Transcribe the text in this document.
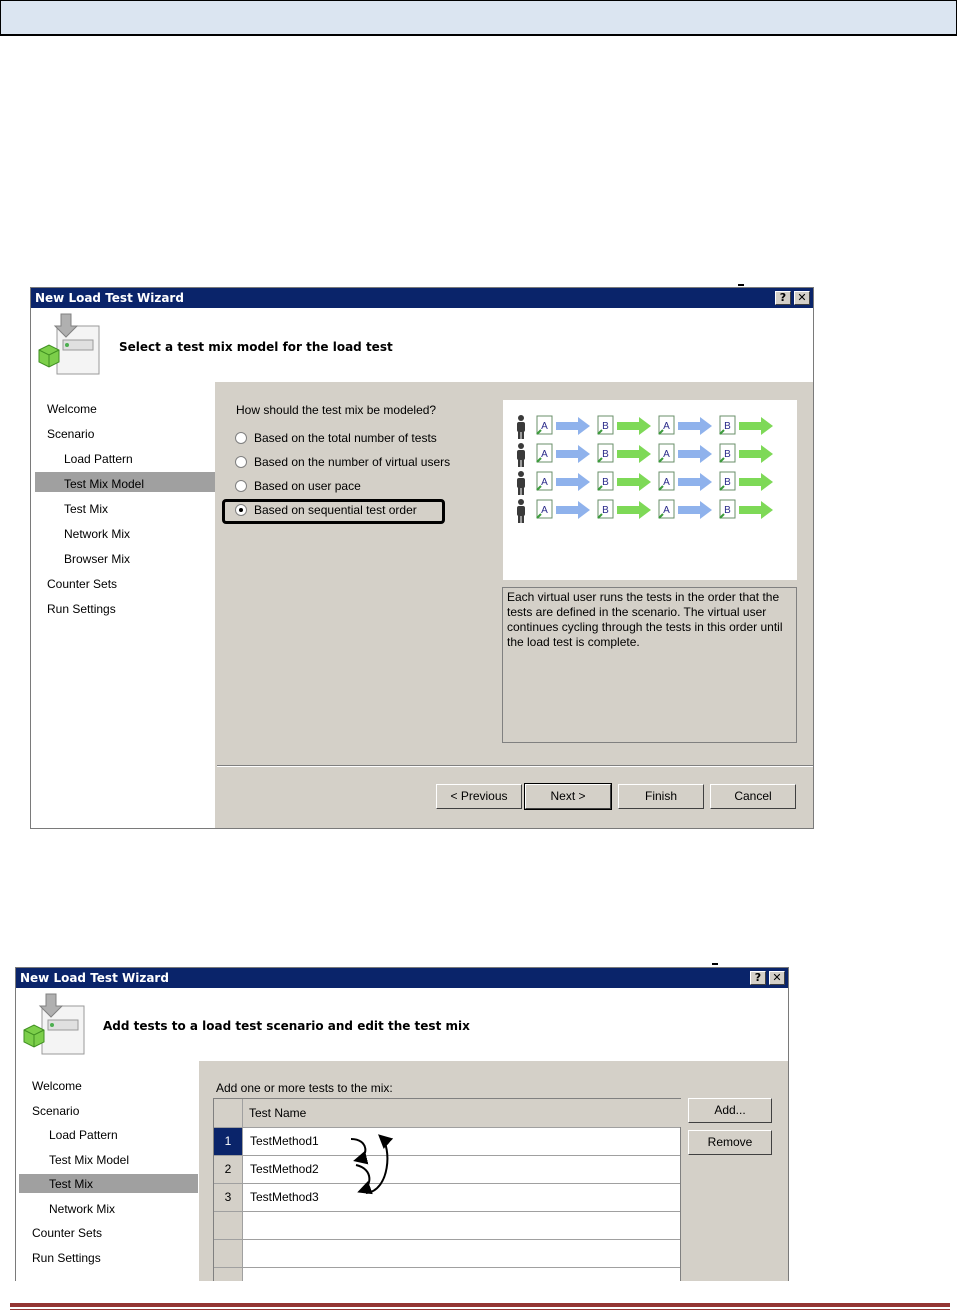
New Load Test Wizard	?	✕
Select a test mix model for the load test
Welcome
Scenario
Load Pattern
Test Mix Model
Test Mix
Network Mix
Browser Mix
Counter Sets
Run Settings
How should the test mix be modeled?
Based on the total number of tests
Based on the number of virtual users
Based on user pace
Based on sequential test order
A	B	A	B
A	B	A	B
A	B	A	B
A	B	A	B
Each virtual user runs the tests in the order that the tests are defined in the scenario. The virtual user continues cycling through the tests in this order until the load test is complete.
< Previous	Next >	Finish	Cancel
New Load Test Wizard	?	✕
Add tests to a load test scenario and edit the test mix
Welcome
Scenario
Load Pattern
Test Mix Model
Test Mix
Network Mix
Counter Sets
Run Settings
Add one or more tests to the mix:
Test Name
1	TestMethod1
2	TestMethod2
3	TestMethod3
Add...
Remove
